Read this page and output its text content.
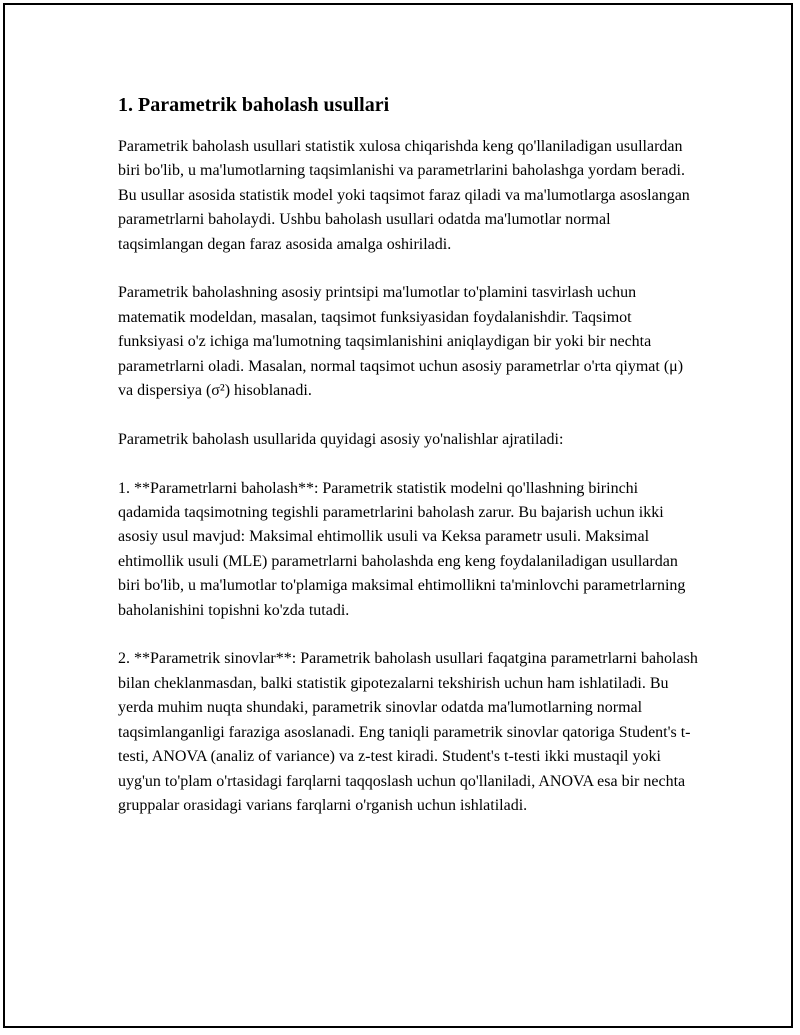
1. Parametrik baholash usullari

Parametrik baholash usullari statistik xulosa chiqarishda keng qo'llaniladigan usullardan biri bo'lib, u ma'lumotlarning taqsimlanishi va parametrlarini baholashga yordam beradi. Bu usullar asosida statistik model yoki taqsimot faraz qiladi va ma'lumotlarga asoslangan parametrlarni baholaydi. Ushbu baholash usullari odatda ma'lumotlar normal taqsimlangan degan faraz asosida amalga oshiriladi.

Parametrik baholashning asosiy printsipi ma'lumotlar to'plamini tasvirlash uchun matematik modeldan, masalan, taqsimot funksiyasidan foydalanishdir. Taqsimot funksiyasi o'z ichiga ma'lumotning taqsimlanishini aniqlaydigan bir yoki bir nechta parametrlarni oladi. Masalan, normal taqsimot uchun asosiy parametrlar o'rta qiymat (μ) va dispersiya (σ²) hisoblanadi.

Parametrik baholash usullarida quyidagi asosiy yo'nalishlar ajratiladi:

1. **Parametrlarni baholash**: Parametrik statistik modelni qo'llashning birinchi qadamida taqsimotning tegishli parametrlarini baholash zarur. Bu bajarish uchun ikki asosiy usul mavjud: Maksimal ehtimollik usuli va Keksa parametr usuli. Maksimal ehtimollik usuli (MLE) parametrlarni baholashda eng keng foydalaniladigan usullardan biri bo'lib, u ma'lumotlar to'plamiga maksimal ehtimollikni ta'minlovchi parametrlarning baholanishini topishni ko'zda tutadi.

2. **Parametrik sinovlar**: Parametrik baholash usullari faqatgina parametrlarni baholash bilan cheklanmasdan, balki statistik gipotezalarni tekshirish uchun ham ishlatiladi. Bu yerda muhim nuqta shundaki, parametrik sinovlar odatda ma'lumotlarning normal taqsimlanganligi faraziga asoslanadi. Eng taniqli parametrik sinovlar qatoriga Student's t-testi, ANOVA (analiz of variance) va z-test kiradi. Student's t-testi ikki mustaqil yoki uyg'un to'plam o'rtasidagi farqlarni taqqoslash uchun qo'llaniladi, ANOVA esa bir nechta gruppalar orasidagi varians farqlarni o'rganish uchun ishlatiladi.
